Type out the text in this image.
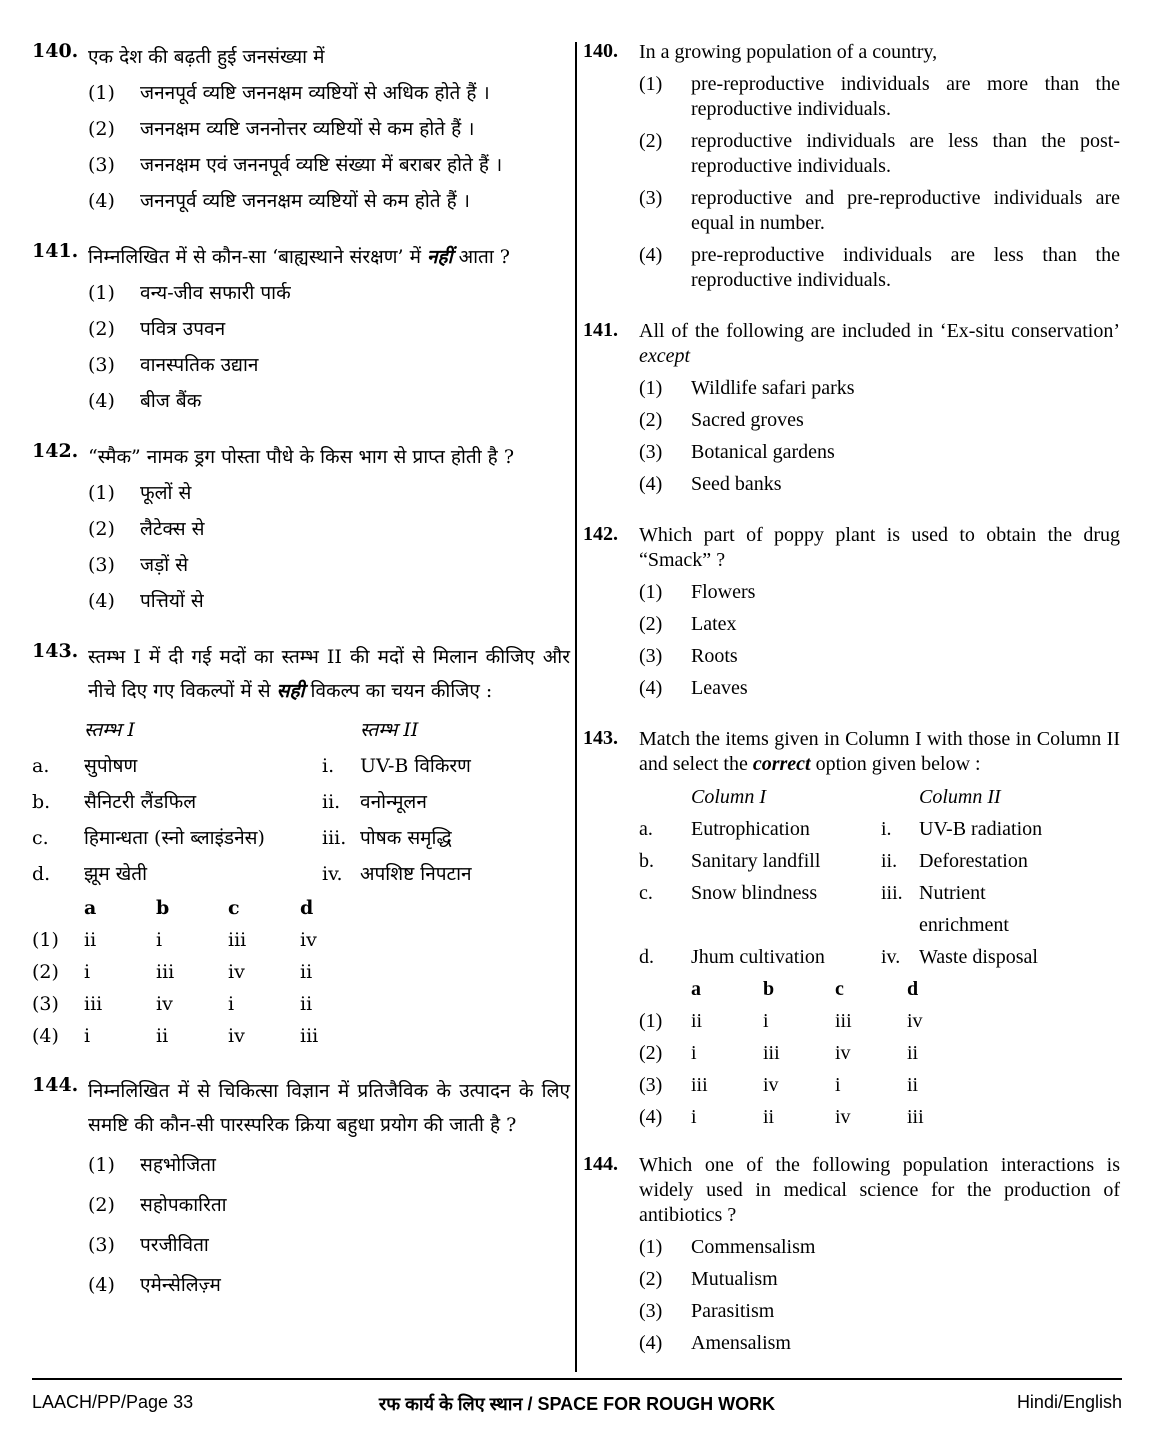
140. एक देश की बढ़ती हुई जनसंख्या में
(1)	जननपूर्व व्यष्टि जननक्षम व्यष्टियों से अधिक होते हैं ।
(2)	जननक्षम व्यष्टि जननोत्तर व्यष्टियों से कम होते हैं ।
(3)	जननक्षम एवं जननपूर्व व्यष्टि संख्या में बराबर होते हैं ।
(4)	जननपूर्व व्यष्टि जननक्षम व्यष्टियों से कम होते हैं ।
141. निम्नलिखित में से कौन-सा ‘बाह्यस्थाने संरक्षण’ में नहीं आता ?
(1)	वन्य-जीव सफारी पार्क
(2)	पवित्र उपवन
(3)	वानस्पतिक उद्यान
(4)	बीज बैंक
142. “स्मैक” नामक ड्रग पोस्ता पौधे के किस भाग से प्राप्त होती है ?
(1)	फूलों से
(2)	लैटेक्स से
(3)	जड़ों से
(4)	पत्तियों से
143. स्तम्भ I में दी गई मदों का स्तम्भ II की मदों से मिलान कीजिए और नीचे दिए गए विकल्पों में से सही विकल्प का चयन कीजिए :
स्तम्भ I	स्तम्भ II
a.	सुपोषण	i.	UV-B विकिरण
b.	सैनिटरी लैंडफिल	ii.	वनोन्मूलन
c.	हिमान्धता (स्नो ब्लाइंडनेस)	iii. पोषक समृद्धि
d.	झूम खेती	iv. अपशिष्ट निपटान
a	b	c	d
(1)	ii	i	iii	iv
(2)	i	iii	iv	ii
(3)	iii	iv	i	ii
(4)	i	ii	iv	iii
144. निम्नलिखित में से चिकित्सा विज्ञान में प्रतिजैविक के उत्पादन के लिए समष्टि की कौन-सी पारस्परिक क्रिया बहुधा प्रयोग की जाती है ?
(1)	सहभोजिता
(2)	सहोपकारिता
(3)	परजीविता
(4)	एमेन्सेलिज़्म
140.	In a growing population of a country,
(1)	pre-reproductive individuals are more than the reproductive individuals.
(2)	reproductive individuals are less than the post-reproductive individuals.
(3)	reproductive and pre-reproductive individuals are equal in number.
(4)	pre-reproductive individuals are less than the reproductive individuals.
141.	All of the following are included in ‘Ex-situ conservation’ except
(1)	Wildlife safari parks
(2)	Sacred groves
(3)	Botanical gardens
(4)	Seed banks
142.	Which part of poppy plant is used to obtain the drug “Smack” ?
(1)	Flowers
(2)	Latex
(3)	Roots
(4)	Leaves
143.	Match the items given in Column I with those in Column II and select the correct option given below :
Column I	Column II
a.	Eutrophication	i.	UV-B radiation
b.	Sanitary landfill	ii.	Deforestation
c.	Snow blindness	iii. Nutrient enrichment
d.	Jhum cultivation	iv. Waste disposal
a	b	c	d
(1)	ii	i	iii	iv
(2)	i	iii	iv	ii
(3)	iii	iv	i	ii
(4)	i	ii	iv	iii
144.	Which one of the following population interactions is widely used in medical science for the production of antibiotics ?
(1)	Commensalism
(2)	Mutualism
(3)	Parasitism
(4)	Amensalism
LAACH/PP/Page 33	रफ कार्य के लिए स्थान / SPACE FOR ROUGH WORK	Hindi/English
